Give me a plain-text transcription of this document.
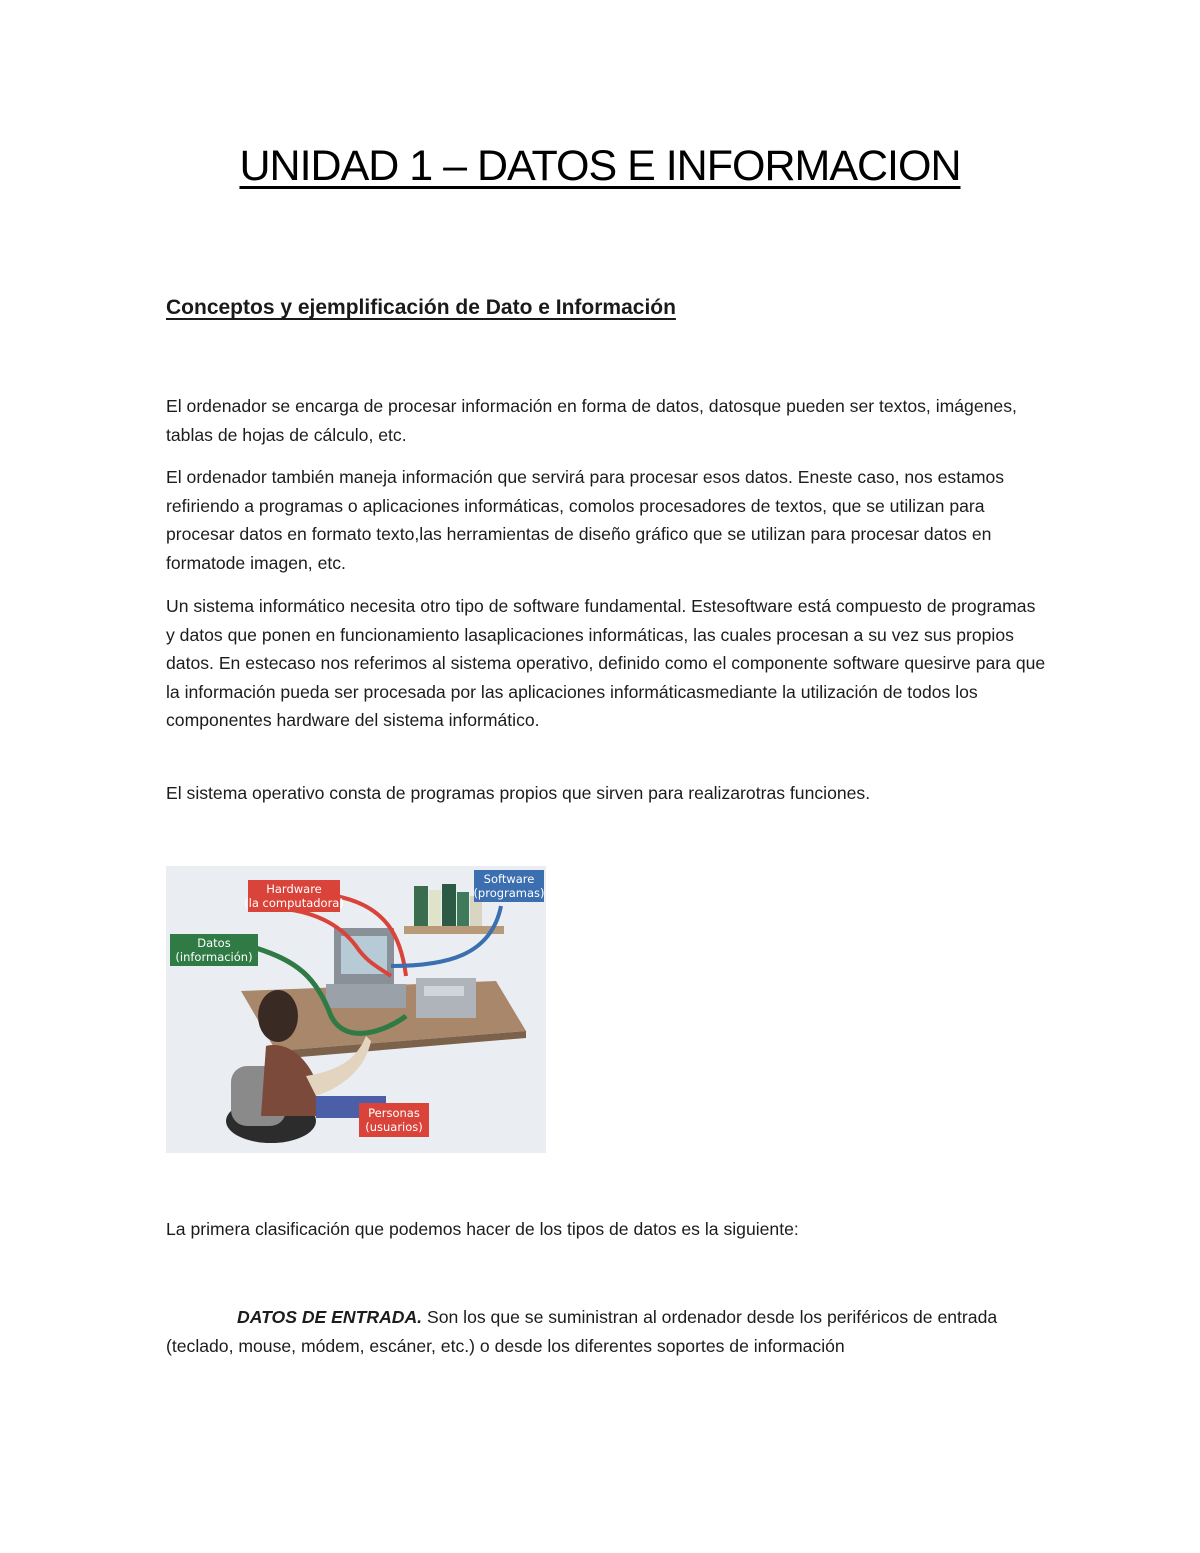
UNIDAD 1 – DATOS E INFORMACION
Conceptos y ejemplificación de Dato e Información

El ordenador se encarga de procesar información en forma de datos, datosque pueden ser textos, imágenes, tablas de hojas de cálculo, etc.

El ordenador también maneja información que servirá para procesar esos datos. Eneste caso, nos estamos refiriendo a programas o aplicaciones informáticas, comolos procesadores de textos, que se utilizan para procesar datos en formato texto,las herramientas de diseño gráfico que se utilizan para procesar datos en formatode imagen, etc.

Un sistema informático necesita otro tipo de software fundamental. Estesoftware está compuesto de programas y datos que ponen en funcionamiento lasaplicaciones informáticas, las cuales procesan a su vez sus propios datos. En estecaso nos referimos al sistema operativo, definido como el componente software quesirve para que la información pueda ser procesada por las aplicaciones informáticasmediante la utilización de todos los componentes hardware del sistema informático.

El sistema operativo consta de programas propios que sirven para realizarotras funciones.

Hardware
(la computadora)
Software
(programas)
Datos
(información)
Personas
(usuarios)

La primera clasificación que podemos hacer de los tipos de datos es la siguiente:

DATOS DE ENTRADA. Son los que se suministran al ordenador desde los periféricos de entrada (teclado, mouse, módem, escáner, etc.) o desde los diferentes soportes de información
